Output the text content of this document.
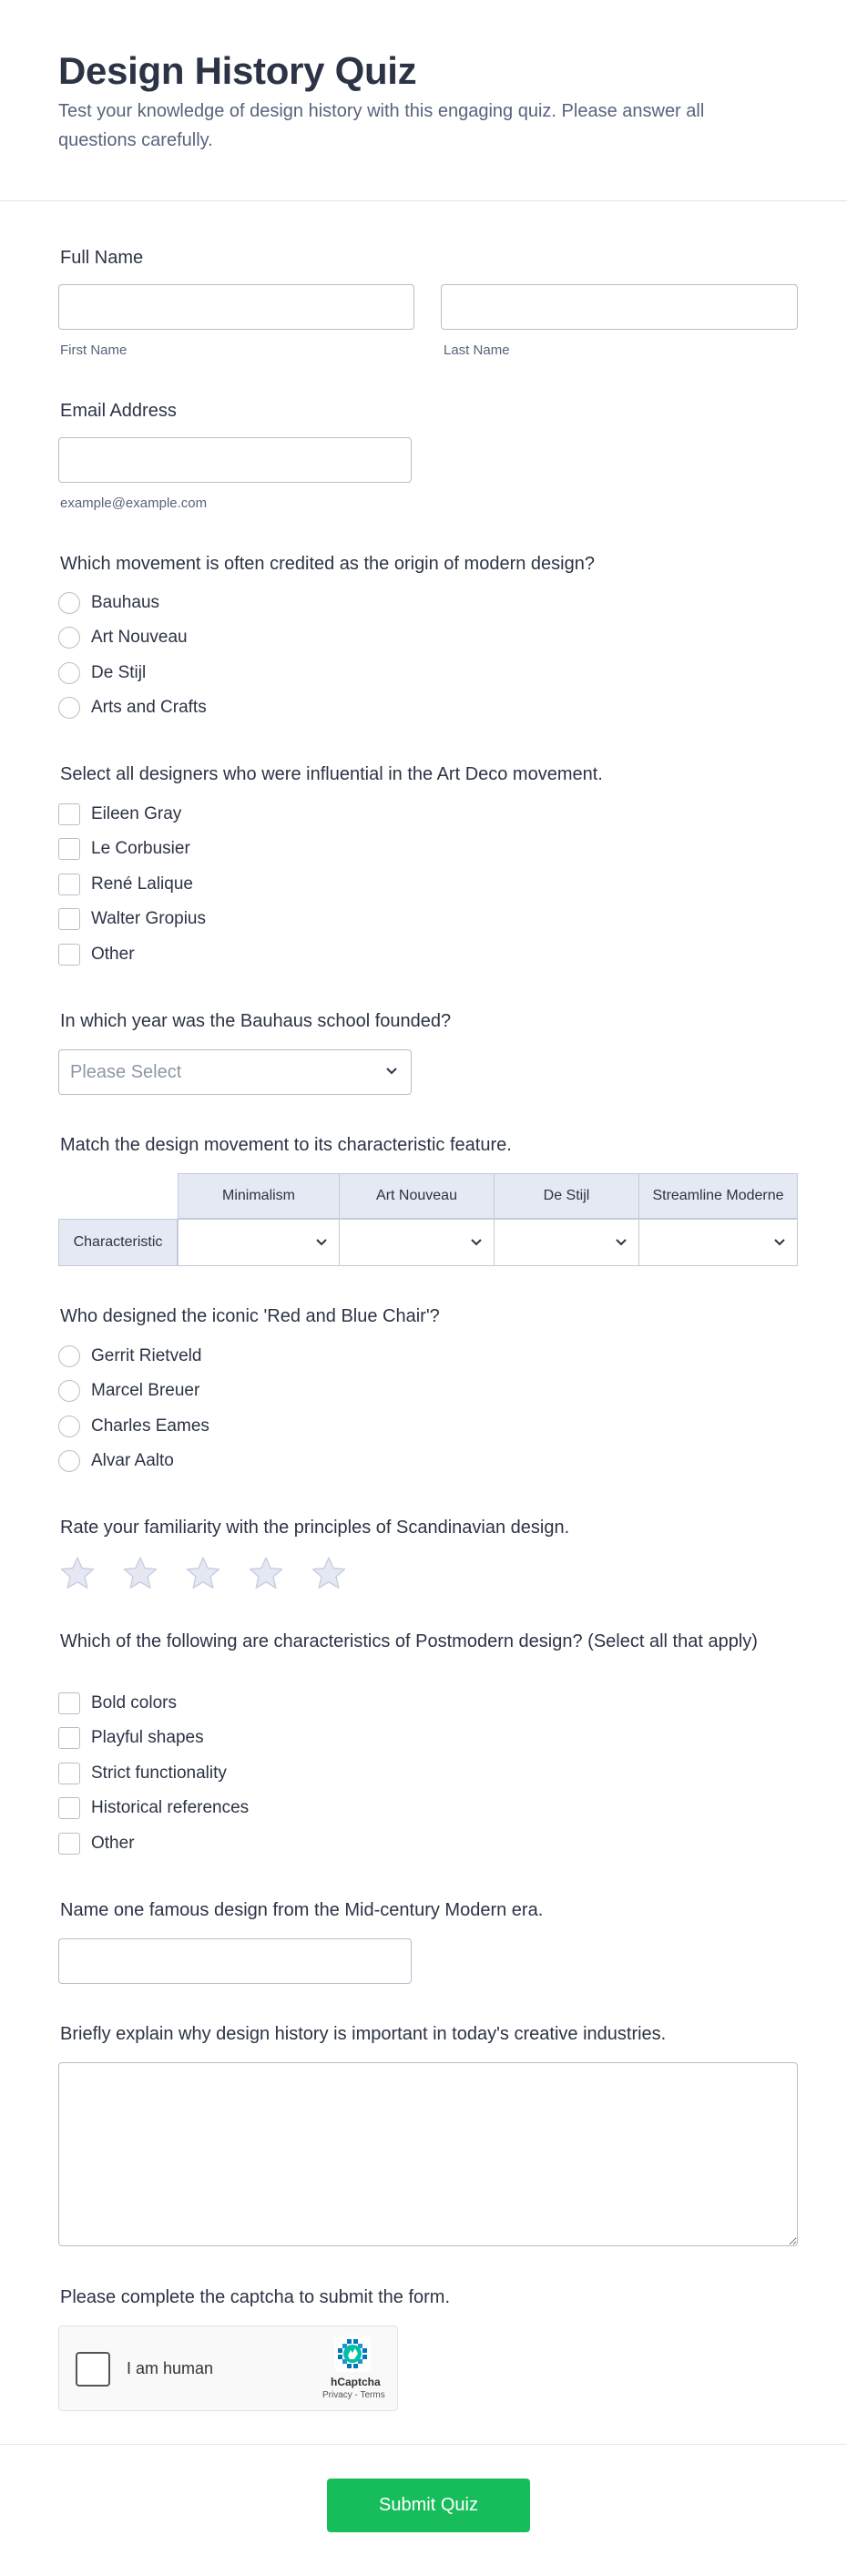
Design History Quiz

Test your knowledge of design history with this engaging quiz. Please answer all questions carefully.

Full Name
First Name	Last Name
Email Address
example@example.com
Which movement is often credited as the origin of modern design?
Bauhaus
Art Nouveau
De Stijl
Arts and Crafts
Select all designers who were influential in the Art Deco movement.
Eileen Gray
Le Corbusier
René Lalique
Walter Gropius
Other
In which year was the Bauhaus school founded?
Please Select
Match the design movement to its characteristic feature.
Minimalism	Art Nouveau	De Stijl	Streamline Moderne
Characteristic
Who designed the iconic 'Red and Blue Chair'?
Gerrit Rietveld
Marcel Breuer
Charles Eames
Alvar Aalto
Rate your familiarity with the principles of Scandinavian design.
Which of the following are characteristics of Postmodern design? (Select all that apply)
Bold colors
Playful shapes
Strict functionality
Historical references
Other
Name one famous design from the Mid-century Modern era.
Briefly explain why design history is important in today's creative industries.
Please complete the captcha to submit the form.
I am human
hCaptcha
Privacy - Terms
Submit Quiz
